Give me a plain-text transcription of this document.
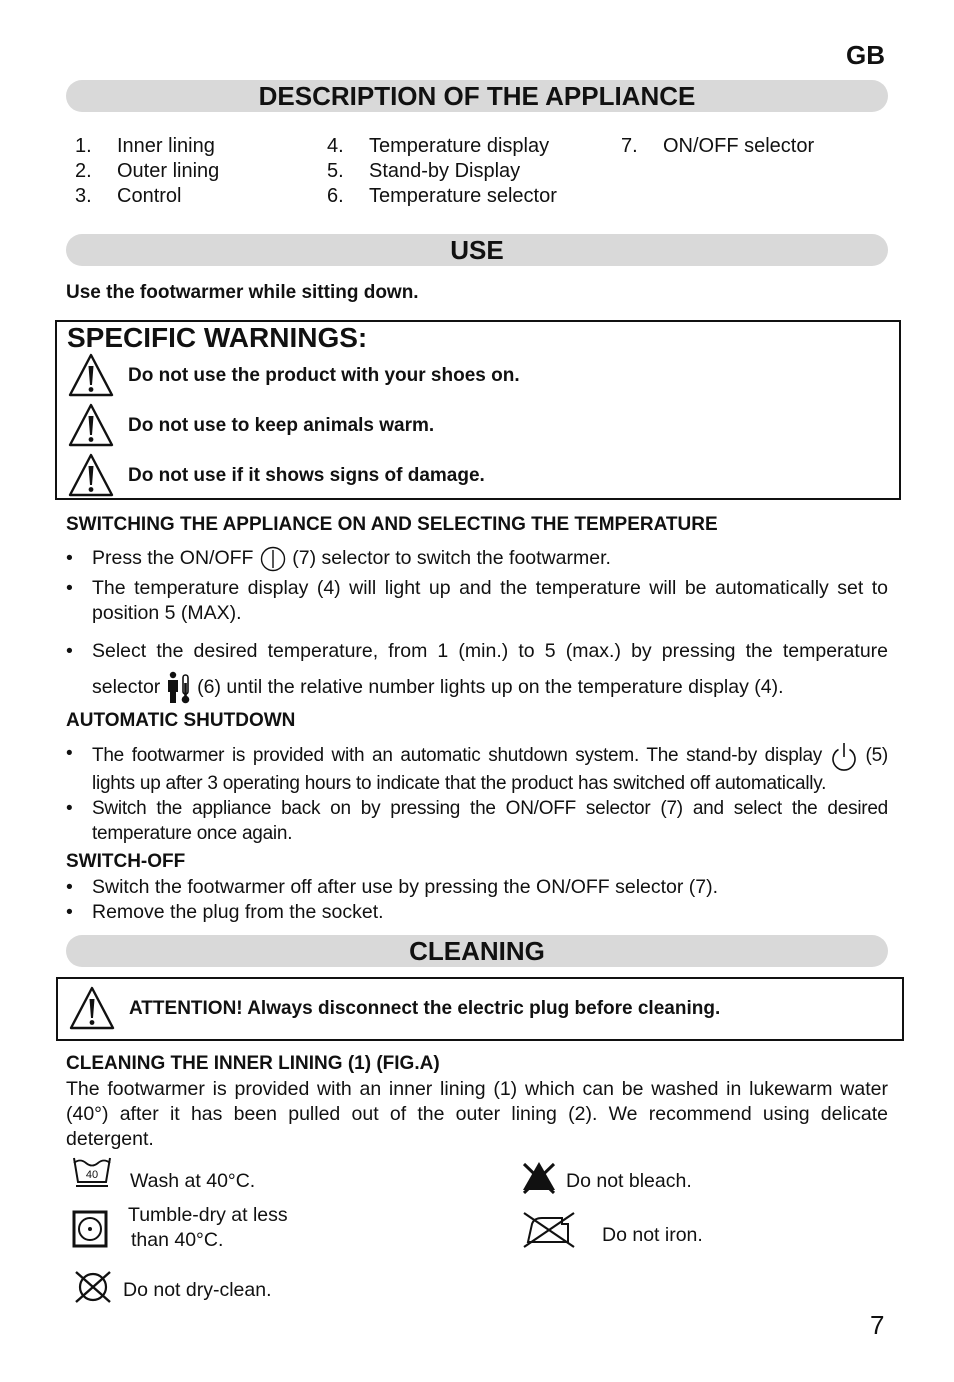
GB
DESCRIPTION OF THE APPLIANCE
1. Inner lining
2. Outer lining
3. Control
4. Temperature display
5. Stand-by Display
6. Temperature selector
7. ON/OFF selector
USE
Use the footwarmer while sitting down.
SPECIFIC WARNINGS:
Do not use the product with your shoes on.
Do not use to keep animals warm.
Do not use if it shows signs of damage.
SWITCHING THE APPLIANCE ON AND SELECTING THE TEMPERATURE
• Press the ON/OFF (7) selector to switch the footwarmer.
• The temperature display (4) will light up and the temperature will be automatically set to position 5 (MAX).
• Select the desired temperature, from 1 (min.) to 5 (max.) by pressing the temperature selector (6) until the relative number lights up on the temperature display (4).
AUTOMATIC SHUTDOWN
• The footwarmer is provided with an automatic shutdown system. The stand-by display (5) lights up after 3 operating hours to indicate that the product has switched off automatically.
• Switch the appliance back on by pressing the ON/OFF selector (7) and select the desired temperature once again.
SWITCH-OFF
• Switch the footwarmer off after use by pressing the ON/OFF selector (7).
• Remove the plug from the socket.
CLEANING
ATTENTION! Always disconnect the electric plug before cleaning.
CLEANING THE INNER LINING (1) (FIG.A)
The footwarmer is provided with an inner lining (1) which can be washed in lukewarm water (40°) after it has been pulled out of the outer lining (2). We recommend using delicate detergent.
40 Wash at 40°C.
Tumble-dry at less
than 40°C.
Do not dry-clean.
Do not bleach.
Do not iron.
7
